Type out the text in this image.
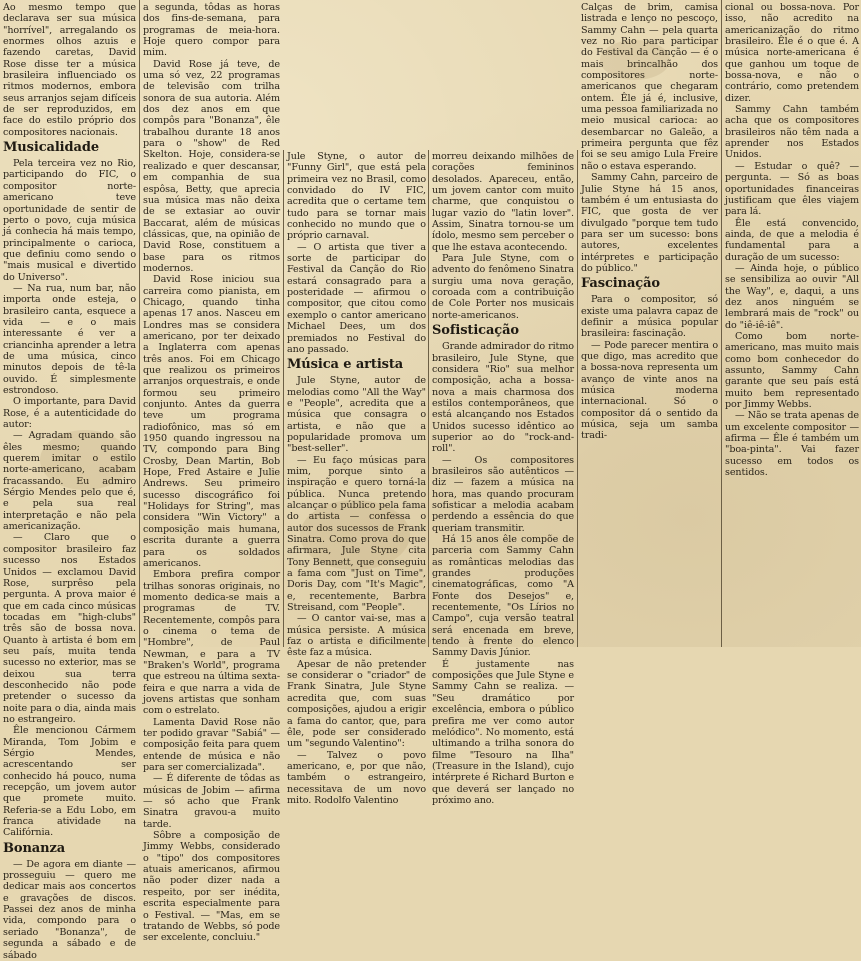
Ao mesmo tempo que declarava ser sua música "horrível", arregalando os enormes olhos azuis e fazendo caretas, David Rose disse ter a música brasileira influenciado os ritmos modernos, embora seus arranjos sejam difíceis de ser reproduzidos, em face do estilo próprio dos compositores nacionais.

Musicalidade

Pela terceira vez no Rio, participando do FIC, o compositor norte-americano teve oportunidade de sentir de perto o povo, cuja música já conhecia há mais tempo, principalmente o carioca, que definiu como sendo o "mais musical e divertido do Universo".

— Na rua, num bar, não importa onde esteja, o brasileiro canta, esquece a vida — e o mais interessante é ver a criancinha aprender a letra de uma música, cinco minutos depois de tê-la ouvido. É simplesmente estrondoso.

O importante, para David Rose, é a autenticidade do autor:

— Agradam quando são êles mesmo; quando querem imitar o estilo norte-americano, acabam fracassando. Eu admiro Sérgio Mendes pelo que é, e pela sua real interpretação e não pela americanização.

— Claro que o compositor brasileiro faz sucesso nos Estados Unidos — exclamou David Rose, surprêso pela pergunta. A prova maior é que em cada cinco músicas tocadas em "high-clubs" três são de bossa nova. Quanto à artista é bom em seu país, muita tenda sucesso no exterior, mas se deixou sua terra desconhecido não pode pretender o sucesso da noite para o dia, ainda mais no estrangeiro.

Êle mencionou Cármem Miranda, Tom Jobim e Sérgio Mendes, acrescentando ser conhecido há pouco, numa recepção, um jovem autor que promete muito. Referia-se a Edu Lobo, em franca atividade na Califórnia.

Bonanza

— De agora em diante — prosseguiu — quero me dedicar mais aos concertos e gravações de discos. Passei dez anos de minha vida, compondo para o seriado "Bonanza", de segunda a sábado e de sábado

a segunda, tôdas as horas dos fins-de-semana, para programas de meia-hora. Hoje quero compor para mim.

David Rose já teve, de uma só vez, 22 programas de televisão com trilha sonora de sua autoria. Além dos dez anos em que compôs para "Bonanza", êle trabalhou durante 18 anos para o "show" de Red Skelton. Hoje, considera-se realizado e quer descansar, em companhia de sua espôsa, Betty, que aprecia sua música mas não deixa de se extasiar ao ouvir Baccarat, além de músicas clássicas, que, na opinião de David Rose, constituem a base para os ritmos modernos.

David Rose iniciou sua carreira como pianista, em Chicago, quando tinha apenas 17 anos. Nasceu em Londres mas se considera americano, por ter deixado a Inglaterra com apenas três anos. Foi em Chicago que realizou os primeiros arranjos orquestrais, e onde formou seu primeiro conjunto. Antes da guerra teve um programa radiofônico, mas só em 1950 quando ingressou na TV, compondo para Bing Crosby, Dean Martin, Bob Hope, Fred Astaire e Julie Andrews. Seu primeiro sucesso discográfico foi "Holidays for String", mas considera "Win Victory" a composição mais humana, escrita durante a guerra para os soldados americanos.

Embora prefira compor trilhas sonoras originais, no momento dedica-se mais a programas de TV. Recentemente, compôs para o cinema o tema de "Hombre", de Paul Newman, e para a TV "Braken's World", programa que estreou na última sexta-feira e que narra a vida de jovens artistas que sonham com o estrelato.

Lamenta David Rose não ter podido gravar "Sabiá" — composição feita para quem entende de música e não para ser comercializada".

— É diferente de tôdas as músicas de Jobim — afirma — só acho que Frank Sinatra gravou-a muito tarde.

Sôbre a composição de Jimmy Webbs, considerado o "tipo" dos compositores atuais americanos, afirmou não poder dizer nada a respeito, por ser inédita, escrita especialmente para o Festival. — "Mas, em se tratando de Webbs, só pode ser excelente, concluiu."

Jule Styne, o autor de "Funny Girl", que está pela primeira vez no Brasil, como convidado do IV FIC, acredita que o certame tem tudo para se tornar mais conhecido no mundo que o próprio carnaval.

— O artista que tiver a sorte de participar do Festival da Canção do Rio estará consagrado para a posteridade — afirmou o compositor, que citou como exemplo o cantor americano Michael Dees, um dos premiados no Festival do ano passado.

Música e artista

Jule Styne, autor de melodias como "All the Way" e "People", acredita que a música que consagra o artista, e não que a popularidade promova um "best-seller".

— Eu faço músicas para mim, porque sinto a inspiração e quero torná-la pública. Nunca pretendo alcançar o público pela fama do artista — confessa o autor dos sucessos de Frank Sinatra. Como prova do que afirmara, Jule Styne cita Tony Bennett, que conseguiu a fama com "Just on Time", Doris Day, com "It's Magic", e, recentemente, Barbra Streisand, com "People".

— O cantor vai-se, mas a música persiste. A música faz o artista e dificilmente êste faz a música.

Apesar de não pretender se considerar o "criador" de Frank Sinatra, Jule Styne acredita que, com suas composições, ajudou a erigir a fama do cantor, que, para êle, pode ser considerado um "segundo Valentino":

— Talvez o povo americano, e, por que não, também o estrangeiro, necessitava de um novo mito. Rodolfo Valentino

morreu deixando milhões de corações femininos desolados. Apareceu, então, um jovem cantor com muito charme, que conquistou o lugar vazio do "latin lover". Assim, Sinatra tornou-se um ídolo, mesmo sem perceber o que lhe estava acontecendo.

Para Jule Styne, com o advento do fenômeno Sinatra surgiu uma nova geração, coroada com a contribuição de Cole Porter nos musicais norte-americanos.

Sofisticação

Grande admirador do ritmo brasileiro, Jule Styne, que considera "Rio" sua melhor composição, acha a bossa-nova a mais charmosa dos estilos contemporâneos, que está alcançando nos Estados Unidos sucesso idêntico ao superior ao do "rock-and-roll".

— Os compositores brasileiros são autênticos — diz — fazem a música na hora, mas quando procuram sofisticar a melodia acabam perdendo a essência do que queriam transmitir.

Há 15 anos êle compõe de parceria com Sammy Cahn as românticas melodias das grandes produções cinematográficas, como "A Fonte dos Desejos" e, recentemente, "Os Lírios no Campo", cuja versão teatral será encenada em breve, tendo à frente do elenco Sammy Davis Júnior.

É justamente nas composições que Jule Styne e Sammy Cahn se realiza. — "Seu dramático por excelência, embora o público prefira me ver como autor melódico". No momento, está ultimando a trilha sonora do filme "Tesouro na Ilha" (Treasure in the Island), cujo intérprete é Richard Burton e que deverá ser lançado no próximo ano.

Calças de brim, camisa listrada e lenço no pescoço, Sammy Cahn — pela quarta vez no Rio para participar do Festival da Canção — é o mais brincalhão dos compositores norte-americanos que chegaram ontem. Êle já é, inclusive, uma pessoa familiarizada no meio musical carioca: ao desembarcar no Galeão, a primeira pergunta que fêz foi se seu amigo Lula Freire não o estava esperando.

Sammy Cahn, parceiro de Julie Styne há 15 anos, também é um entusiasta do FIC, que gosta de ver divulgado "porque tem tudo para ser um sucesso: bons autores, excelentes intérpretes e participação do público."

Fascinação

Para o compositor, só existe uma palavra capaz de definir a música popular brasileira: fascinação.

— Pode parecer mentira o que digo, mas acredito que a bossa-nova representa um avanço de vinte anos na música moderna internacional. Só o compositor dá o sentido da música, seja um samba tradi-

cional ou bossa-nova. Por isso, não acredito na americanização do ritmo brasileiro. Êle é o que é. A música norte-americana é que ganhou um toque de bossa-nova, e não o contrário, como pretendem dizer.

Sammy Cahn também acha que os compositores brasileiros não têm nada a aprender nos Estados Unidos.

— Estudar o quê? — pergunta. — Só as boas oportunidades financeiras justificam que êles viajem para lá.

Êle está convencido, ainda, de que a melodia é fundamental para a duração de um sucesso:

— Ainda hoje, o público se sensibiliza ao ouvir "All the Way", e, daqui, a uns dez anos ninguém se lembrará mais de "rock" ou do "iê-iê-iê".

Como bom norte-americano, mas muito mais como bom conhecedor do assunto, Sammy Cahn garante que seu país está muito bem representado por Jimmy Webbs.

— Não se trata apenas de um excelente compositor — afirma — Êle é também um "boa-pinta". Vai fazer sucesso em todos os sentidos.
